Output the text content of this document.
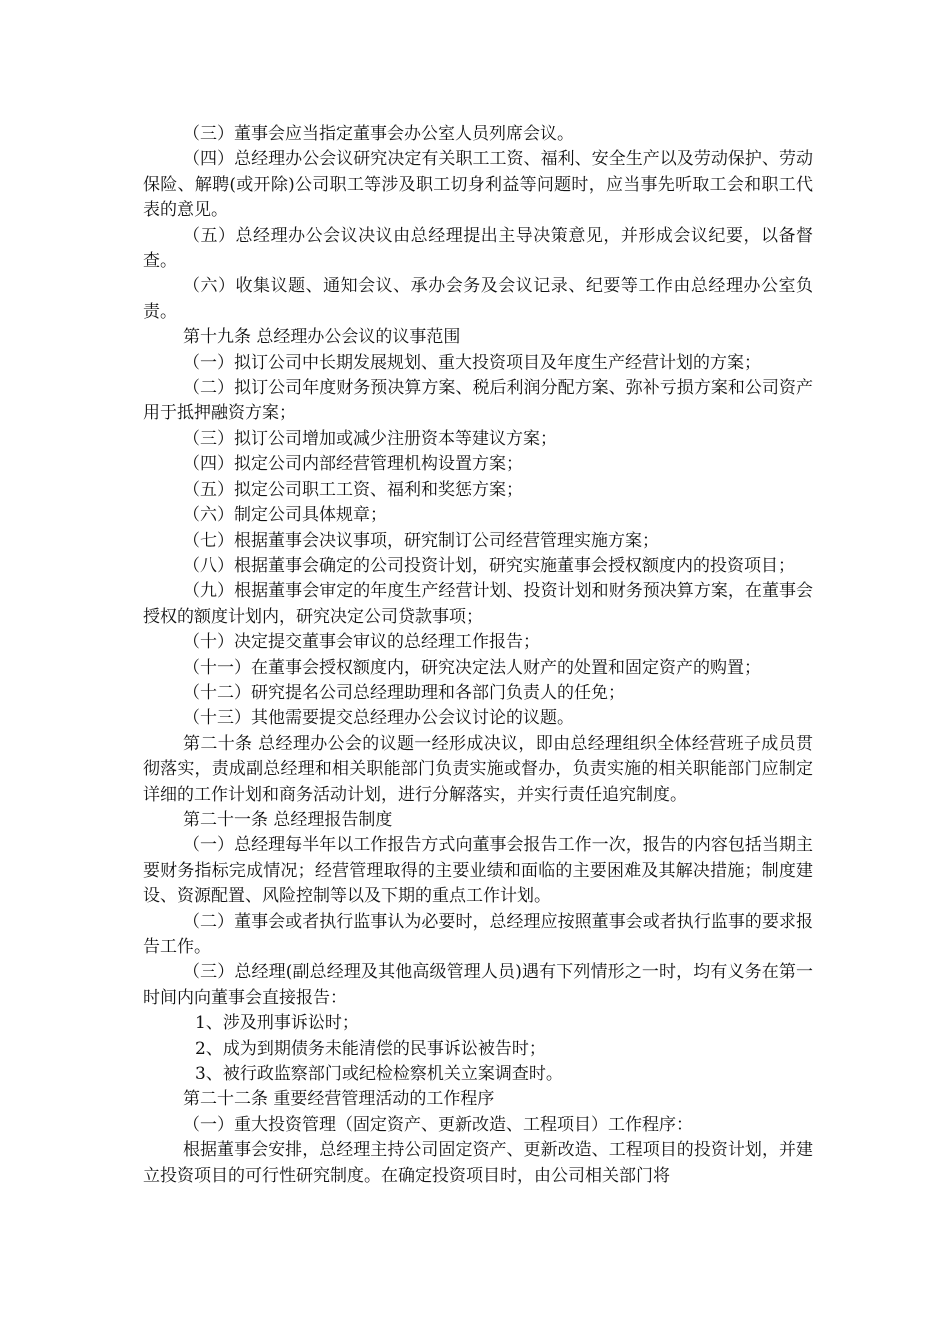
（三）董事会应当指定董事会办公室人员列席会议。

（四）总经理办公会议研究决定有关职工工资、福利、安全生产以及劳动保护、劳动保险、解聘(或开除)公司职工等涉及职工切身利益等问题时，应当事先听取工会和职工代表的意见。

（五）总经理办公会议决议由总经理提出主导决策意见，并形成会议纪要，以备督查。

（六）收集议题、通知会议、承办会务及会议记录、纪要等工作由总经理办公室负责。

第十九条 总经理办公会议的议事范围

（一）拟订公司中长期发展规划、重大投资项目及年度生产经营计划的方案；

（二）拟订公司年度财务预决算方案、税后利润分配方案、弥补亏损方案和公司资产用于抵押融资方案；

（三）拟订公司增加或减少注册资本等建议方案；

（四）拟定公司内部经营管理机构设置方案；

（五）拟定公司职工工资、福利和奖惩方案；

（六）制定公司具体规章；

（七）根据董事会决议事项，研究制订公司经营管理实施方案；

（八）根据董事会确定的公司投资计划，研究实施董事会授权额度内的投资项目；

（九）根据董事会审定的年度生产经营计划、投资计划和财务预决算方案，在董事会授权的额度计划内，研究决定公司贷款事项；

（十）决定提交董事会审议的总经理工作报告；

（十一）在董事会授权额度内，研究决定法人财产的处置和固定资产的购置；

（十二）研究提名公司总经理助理和各部门负责人的任免；

（十三）其他需要提交总经理办公会议讨论的议题。

第二十条 总经理办公会的议题一经形成决议，即由总经理组织全体经营班子成员贯彻落实，责成副总经理和相关职能部门负责实施或督办，负责实施的相关职能部门应制定详细的工作计划和商务活动计划，进行分解落实，并实行责任追究制度。

第二十一条 总经理报告制度

（一）总经理每半年以工作报告方式向董事会报告工作一次，报告的内容包括当期主要财务指标完成情况；经营管理取得的主要业绩和面临的主要困难及其解决措施；制度建设、资源配置、风险控制等以及下期的重点工作计划。

（二）董事会或者执行监事认为必要时，总经理应按照董事会或者执行监事的要求报告工作。

（三）总经理(副总经理及其他高级管理人员)遇有下列情形之一时，均有义务在第一时间内向董事会直接报告：

1、涉及刑事诉讼时；

2、成为到期债务未能清偿的民事诉讼被告时；

3、被行政监察部门或纪检检察机关立案调查时。

第二十二条 重要经营管理活动的工作程序

（一）重大投资管理（固定资产、更新改造、工程项目）工作程序：

根据董事会安排，总经理主持公司固定资产、更新改造、工程项目的投资计划，并建立投资项目的可行性研究制度。在确定投资项目时，由公司相关部门将
